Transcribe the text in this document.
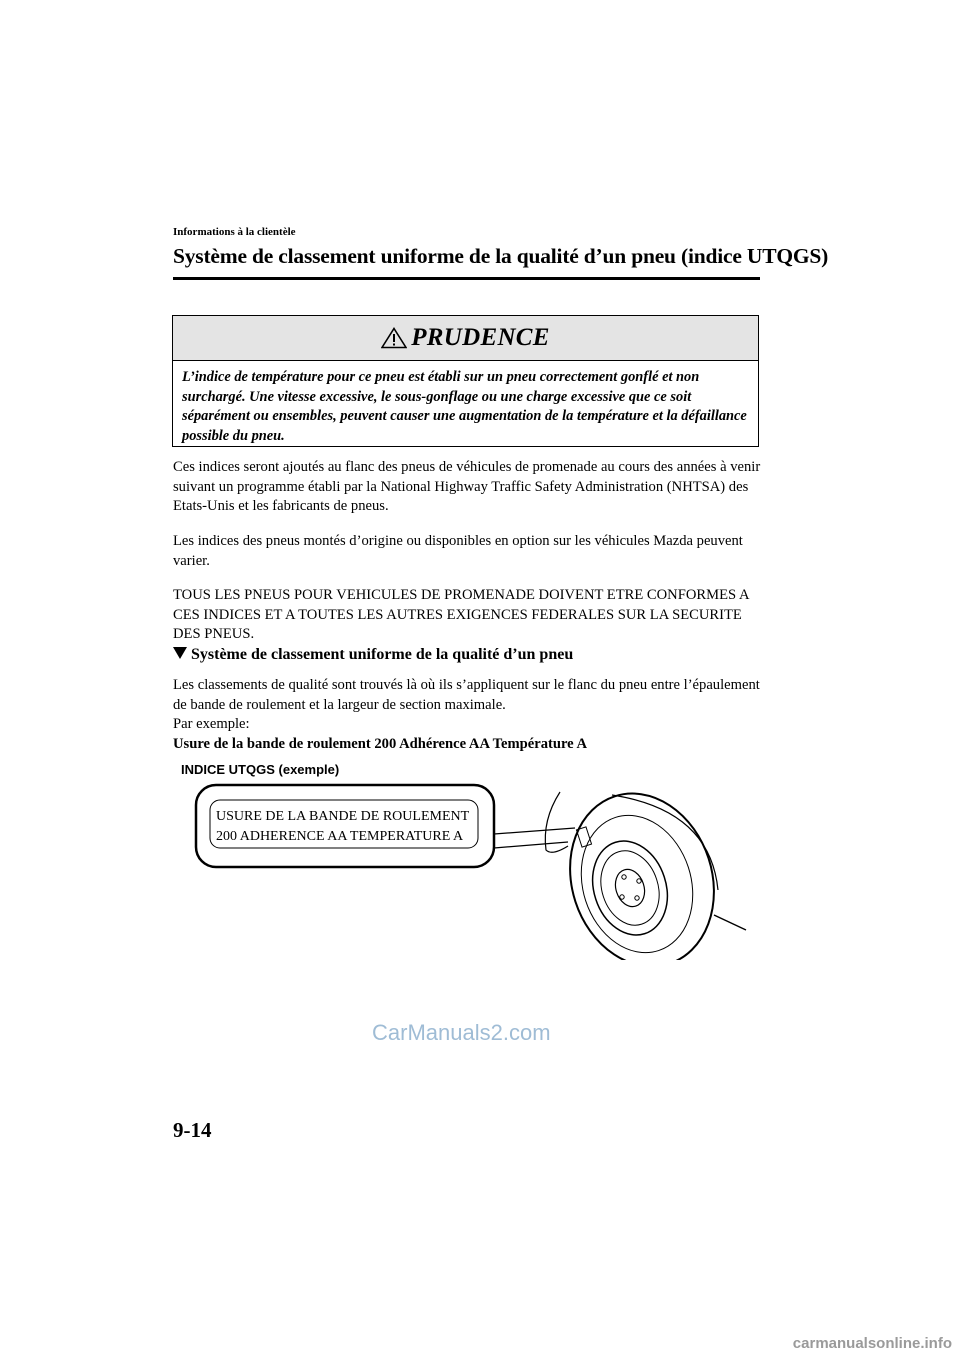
Informations à la clientèle
Système de classement uniforme de la qualité d’un pneu (indice UTQGS)
PRUDENCE
L’indice de température pour ce pneu est établi sur un pneu correctement gonflé et non surchargé. Une vitesse excessive, le sous-gonflage ou une charge excessive que ce soit séparément ou ensembles, peuvent causer une augmentation de la température et la défaillance possible du pneu.
Ces indices seront ajoutés au flanc des pneus de véhicules de promenade au cours des années à venir suivant un programme établi par la National Highway Traffic Safety Administration (NHTSA) des Etats-Unis et les fabricants de pneus.
Les indices des pneus montés d’origine ou disponibles en option sur les véhicules Mazda peuvent varier.
TOUS LES PNEUS POUR VEHICULES DE PROMENADE DOIVENT ETRE CONFORMES A CES INDICES ET A TOUTES LES AUTRES EXIGENCES FEDERALES SUR LA SECURITE DES PNEUS.
Système de classement uniforme de la qualité d’un pneu
Les classements de qualité sont trouvés là où ils s’appliquent sur le flanc du pneu entre l’épaulement de bande de roulement et la largeur de section maximale.
Par exemple:
Usure de la bande de roulement 200 Adhérence AA Température A
INDICE UTQGS (exemple)
USURE DE LA BANDE DE ROULEMENT
200 ADHERENCE AA TEMPERATURE A
9-14
CarManuals2.com
carmanualsonline.info
